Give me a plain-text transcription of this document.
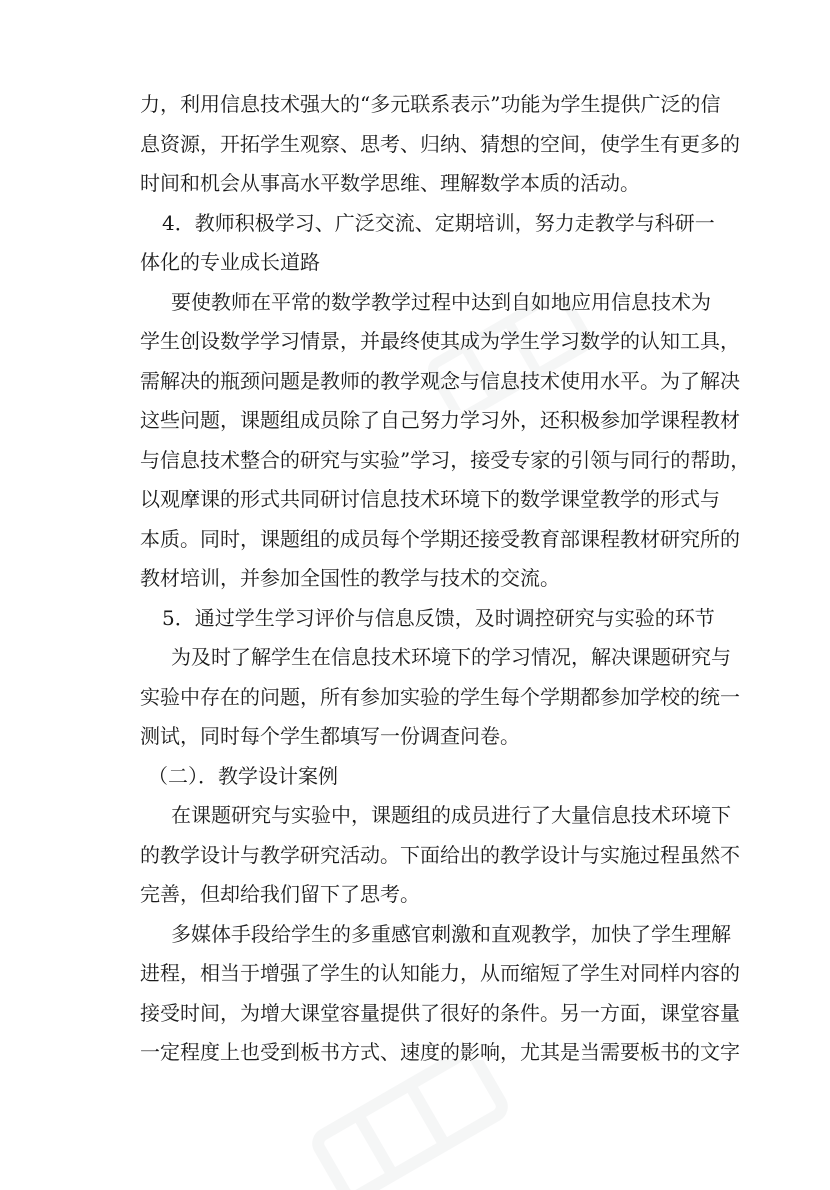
力，利用信息技术强大的“多元联系表示”功能为学生提供广泛的信
息资源，开拓学生观察、思考、归纳、猜想的空间，使学生有更多的
时间和机会从事高水平数学思维、理解数学本质的活动。
4．教师积极学习、广泛交流、定期培训，努力走教学与科研一
体化的专业成长道路
要使教师在平常的数学教学过程中达到自如地应用信息技术为
学生创设数学学习情景，并最终使其成为学生学习数学的认知工具，
需解决的瓶颈问题是教师的教学观念与信息技术使用水平。为了解决
这些问题，课题组成员除了自己努力学习外，还积极参加学课程教材
与信息技术整合的研究与实验”学习，接受专家的引领与同行的帮助，
以观摩课的形式共同研讨信息技术环境下的数学课堂教学的形式与
本质。同时，课题组的成员每个学期还接受教育部课程教材研究所的
教材培训，并参加全国性的教学与技术的交流。
5．通过学生学习评价与信息反馈，及时调控研究与实验的环节
为及时了解学生在信息技术环境下的学习情况，解决课题研究与
实验中存在的问题，所有参加实验的学生每个学期都参加学校的统一
测试，同时每个学生都填写一份调查问卷。
（二）．教学设计案例
在课题研究与实验中，课题组的成员进行了大量信息技术环境下
的教学设计与教学研究活动。下面给出的教学设计与实施过程虽然不
完善，但却给我们留下了思考。
多媒体手段给学生的多重感官刺激和直观教学，加快了学生理解
进程，相当于增强了学生的认知能力，从而缩短了学生对同样内容的
接受时间，为增大课堂容量提供了很好的条件。另一方面，课堂容量
一定程度上也受到板书方式、速度的影响，尤其是当需要板书的文字
